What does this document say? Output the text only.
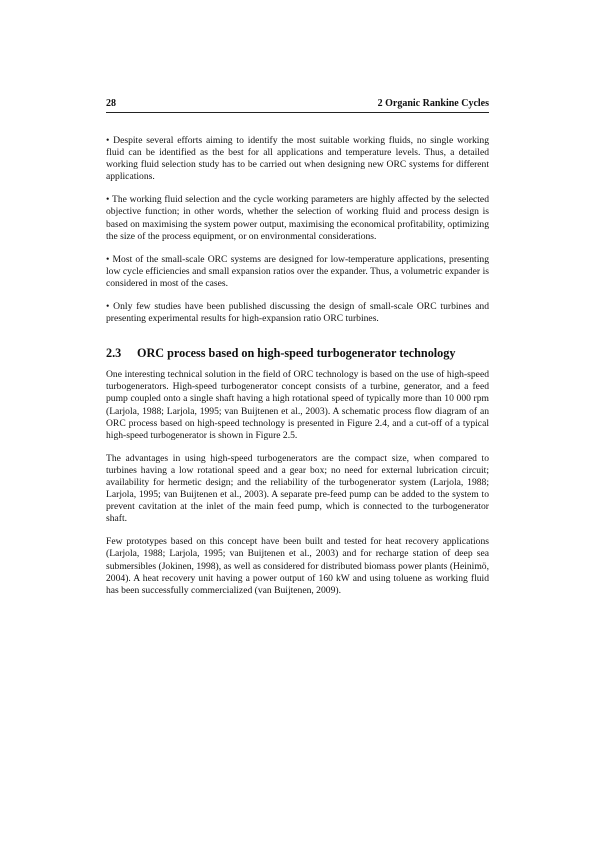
28	2 Organic Rankine Cycles

• Despite several efforts aiming to identify the most suitable working fluids, no single working fluid can be identified as the best for all applications and temperature levels. Thus, a detailed working fluid selection study has to be carried out when designing new ORC systems for different applications.

• The working fluid selection and the cycle working parameters are highly affected by the selected objective function; in other words, whether the selection of working fluid and process design is based on maximising the system power output, maximising the economical profitability, optimizing the size of the process equipment, or on environmental considerations.

• Most of the small-scale ORC systems are designed for low-temperature applications, presenting low cycle efficiencies and small expansion ratios over the expander. Thus, a volumetric expander is considered in most of the cases.

• Only few studies have been published discussing the design of small-scale ORC turbines and presenting experimental results for high-expansion ratio ORC turbines.

2.3 ORC process based on high-speed turbogenerator technology

One interesting technical solution in the field of ORC technology is based on the use of high-speed turbogenerators. High-speed turbogenerator concept consists of a turbine, generator, and a feed pump coupled onto a single shaft having a high rotational speed of typically more than 10 000 rpm (Larjola, 1988; Larjola, 1995; van Buijtenen et al., 2003). A schematic process flow diagram of an ORC process based on high-speed technology is presented in Figure 2.4, and a cut-off of a typical high-speed turbogenerator is shown in Figure 2.5.

The advantages in using high-speed turbogenerators are the compact size, when compared to turbines having a low rotational speed and a gear box; no need for external lubrication circuit; availability for hermetic design; and the reliability of the turbogenerator system (Larjola, 1988; Larjola, 1995; van Buijtenen et al., 2003). A separate pre-feed pump can be added to the system to prevent cavitation at the inlet of the main feed pump, which is connected to the turbogenerator shaft.

Few prototypes based on this concept have been built and tested for heat recovery applications (Larjola, 1988; Larjola, 1995; van Buijtenen et al., 2003) and for recharge station of deep sea submersibles (Jokinen, 1998), as well as considered for distributed biomass power plants (Heinimö, 2004). A heat recovery unit having a power output of 160 kW and using toluene as working fluid has been successfully commercialized (van Buijtenen, 2009).
